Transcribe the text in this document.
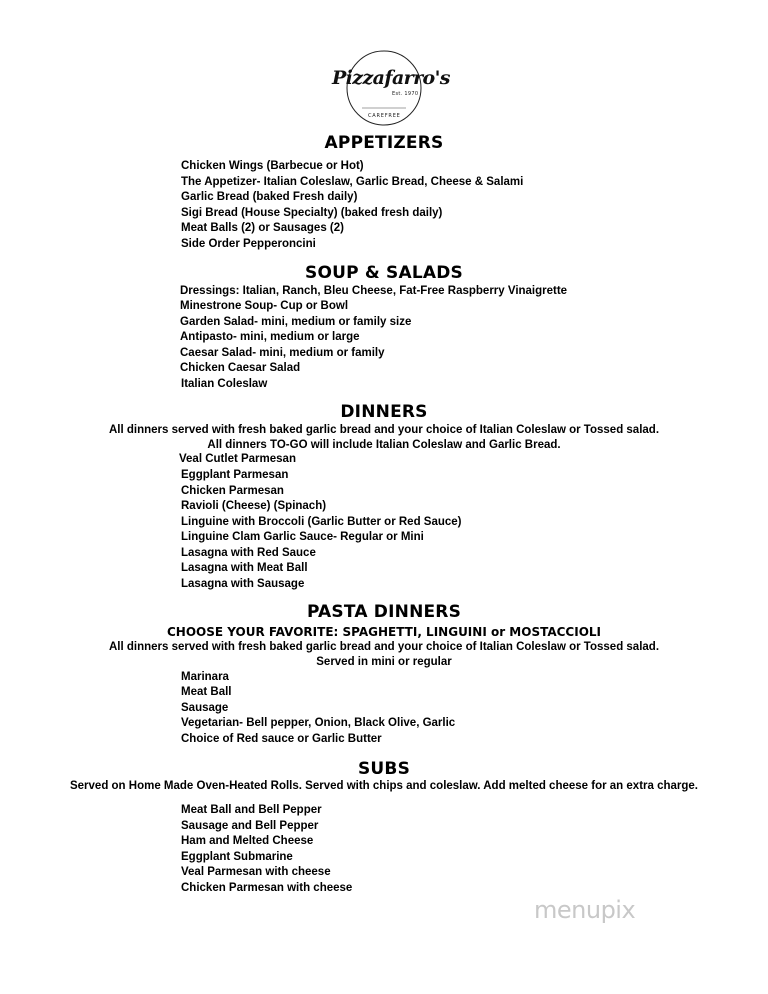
Pizzafarro's
Est. 1970
CAREFREE
APPETIZERS
Chicken Wings (Barbecue or Hot)
The Appetizer- Italian Coleslaw, Garlic Bread, Cheese & Salami
Garlic Bread (baked Fresh daily)
Sigi Bread (House Specialty) (baked fresh daily)
Meat Balls (2) or Sausages (2)
Side Order Pepperoncini
SOUP & SALADS
Dressings: Italian, Ranch, Bleu Cheese, Fat-Free Raspberry Vinaigrette
Minestrone Soup- Cup or Bowl
Garden Salad- mini, medium or family size
Antipasto- mini, medium or large
Caesar Salad- mini, medium or family
Chicken Caesar Salad
Italian Coleslaw
DINNERS
All dinners served with fresh baked garlic bread and your choice of Italian Coleslaw or Tossed salad.
All dinners TO-GO will include Italian Coleslaw and Garlic Bread.
Veal Cutlet Parmesan
Eggplant Parmesan
Chicken Parmesan
Ravioli (Cheese) (Spinach)
Linguine with Broccoli (Garlic Butter or Red Sauce)
Linguine Clam Garlic Sauce- Regular or Mini
Lasagna with Red Sauce
Lasagna with Meat Ball
Lasagna with Sausage
PASTA DINNERS
CHOOSE YOUR FAVORITE: SPAGHETTI, LINGUINI or MOSTACCIOLI
All dinners served with fresh baked garlic bread and your choice of Italian Coleslaw or Tossed salad.
Served in mini or regular
Marinara
Meat Ball
Sausage
Vegetarian- Bell pepper, Onion, Black Olive, Garlic
Choice of Red sauce or Garlic Butter
SUBS
Served on Home Made Oven-Heated Rolls. Served with chips and coleslaw. Add melted cheese for an extra charge.
Meat Ball and Bell Pepper
Sausage and Bell Pepper
Ham and Melted Cheese
Eggplant Submarine
Veal Parmesan with cheese
Chicken Parmesan with cheese
menupix
